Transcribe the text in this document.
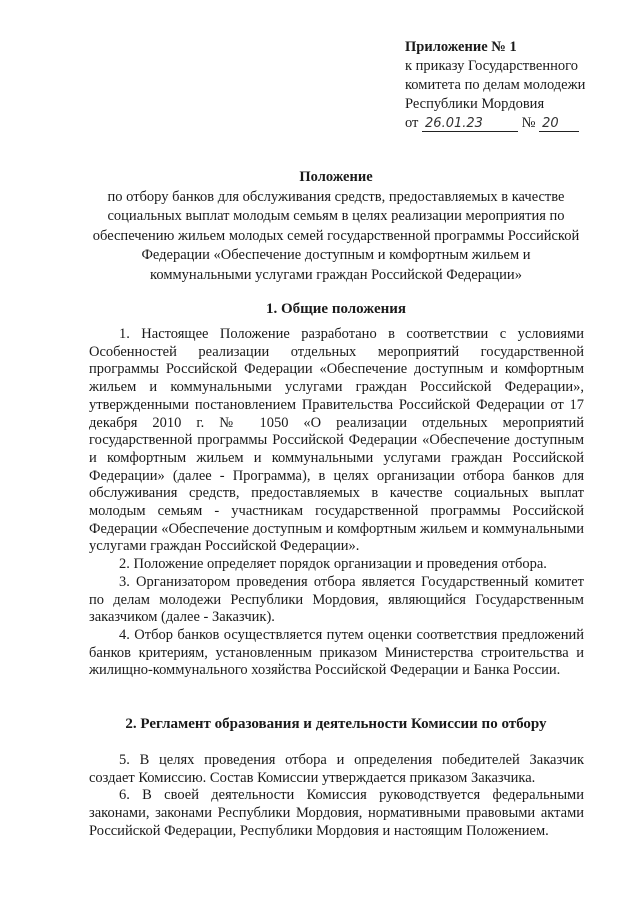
Приложение № 1
к приказу Государственного
комитета по делам молодежи
Республики Мордовия
от 26.01.23	№ 20
Положение
по отбору банков для обслуживания средств, предоставляемых в качестве социальных выплат молодым семьям в целях реализации мероприятия по обеспечению жильем молодых семей государственной программы Российской Федерации «Обеспечение доступным и комфортным жильем и коммунальными услугами граждан Российской Федерации»
1. Общие положения

1. Настоящее Положение разработано в соответствии с условиями Особенностей реализации отдельных мероприятий государственной программы Российской Федерации «Обеспечение доступным и комфортным жильем и коммунальными услугами граждан Российской Федерации», утвержденными постановлением Правительства Российской Федерации от 17 декабря 2010 г. № 1050 «О реализации отдельных мероприятий государственной программы Российской Федерации «Обеспечение доступным и комфортным жильем и коммунальными услугами граждан Российской Федерации» (далее - Программа), в целях организации отбора банков для обслуживания средств, предоставляемых в качестве социальных выплат молодым семьям - участникам государственной программы Российской Федерации «Обеспечение доступным и комфортным жильем и коммунальными услугами граждан Российской Федерации».

2. Положение определяет порядок организации и проведения отбора.

3. Организатором проведения отбора является Государственный комитет по делам молодежи Республики Мордовия, являющийся Государственным заказчиком (далее - Заказчик).

4. Отбор банков осуществляется путем оценки соответствия предложений банков критериям, установленным приказом Министерства строительства и жилищно-коммунального хозяйства Российской Федерации и Банка России.

2. Регламент образования и деятельности Комиссии по отбору

5. В целях проведения отбора и определения победителей Заказчик создает Комиссию. Состав Комиссии утверждается приказом Заказчика.

6. В своей деятельности Комиссия руководствуется федеральными законами, законами Республики Мордовия, нормативными правовыми актами Российской Федерации, Республики Мордовия и настоящим Положением.
